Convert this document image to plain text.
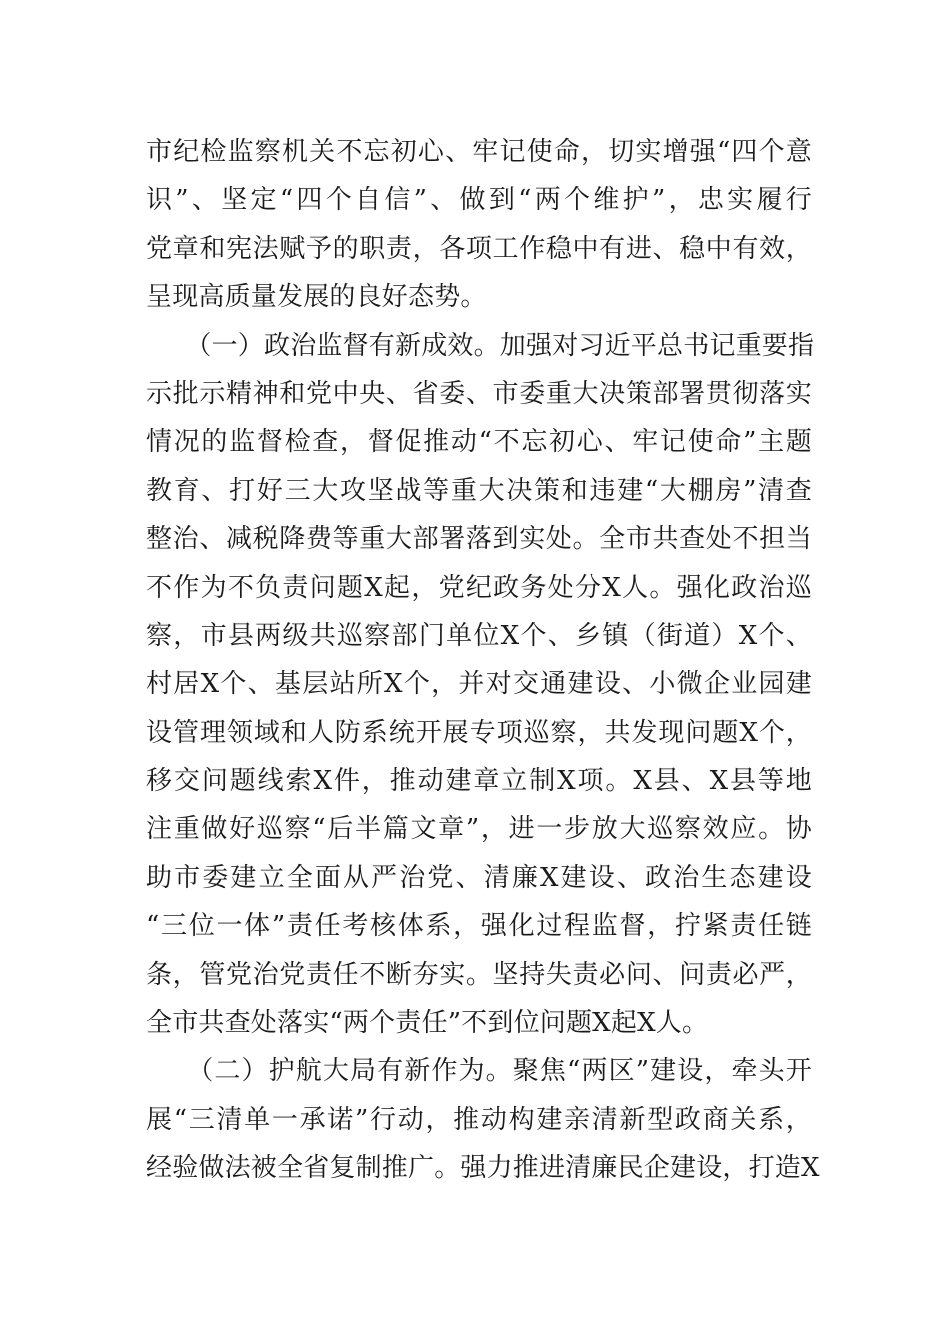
市纪检监察机关不忘初心、牢记使命，切实增强“四个意
识”、坚定“四个自信”、做到“两个维护”，忠实履行
党章和宪法赋予的职责，各项工作稳中有进、稳中有效，
呈现高质量发展的良好态势。
　　（一）政治监督有新成效。加强对习近平总书记重要指
示批示精神和党中央、省委、市委重大决策部署贯彻落实
情况的监督检查，督促推动“不忘初心、牢记使命”主题
教育、打好三大攻坚战等重大决策和违建“大棚房”清查
整治、减税降费等重大部署落到实处。全市共查处不担当
不作为不负责问题X起，党纪政务处分X人。强化政治巡
察，市县两级共巡察部门单位X个、乡镇（街道）X个、
村居X个、基层站所X个，并对交通建设、小微企业园建
设管理领域和人防系统开展专项巡察，共发现问题X个，
移交问题线索X件，推动建章立制X项。X县、X县等地
注重做好巡察“后半篇文章”，进一步放大巡察效应。协
助市委建立全面从严治党、清廉X建设、政治生态建设
“三位一体”责任考核体系，强化过程监督，拧紧责任链
条，管党治党责任不断夯实。坚持失责必问、问责必严，
全市共查处落实“两个责任”不到位问题X起X人。
　　（二）护航大局有新作为。聚焦“两区”建设，牵头开
展“三清单一承诺”行动，推动构建亲清新型政商关系，
经验做法被全省复制推广。强力推进清廉民企建设，打造X
